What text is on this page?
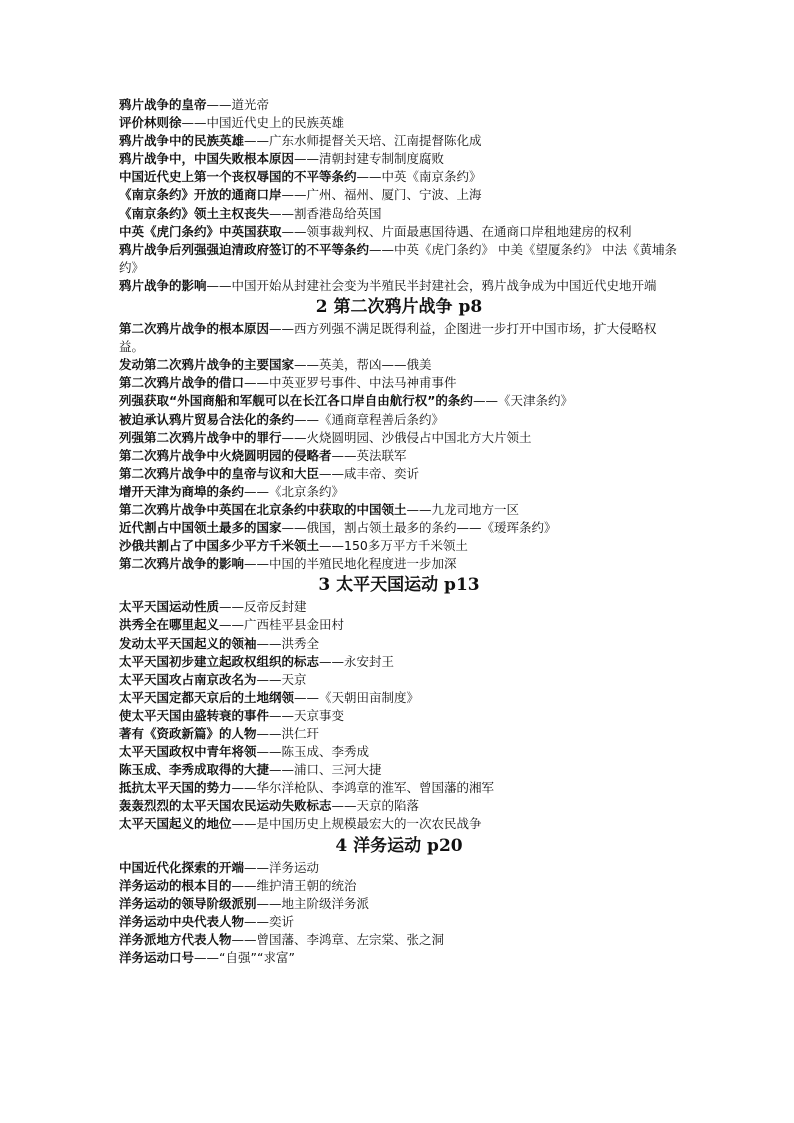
鸦片战争的皇帝——道光帝
评价林则徐——中国近代史上的民族英雄
鸦片战争中的民族英雄——广东水师提督关天培、江南提督陈化成
鸦片战争中，中国失败根本原因——清朝封建专制制度腐败
中国近代史上第一个丧权辱国的不平等条约——中英《南京条约》
《南京条约》开放的通商口岸——广州、福州、厦门、宁波、上海
《南京条约》领土主权丧失——割香港岛给英国
中英《虎门条约》中英国获取——领事裁判权、片面最惠国待遇、在通商口岸租地建房的权利
鸦片战争后列强强迫清政府签订的不平等条约——中英《虎门条约》 中美《望厦条约》 中法《黄埔条约》
鸦片战争的影响——中国开始从封建社会变为半殖民半封建社会，鸦片战争成为中国近代史地开端
2 第二次鸦片战争 p8
第二次鸦片战争的根本原因——西方列强不满足既得利益，企图进一步打开中国市场，扩大侵略权益。
发动第二次鸦片战争的主要国家——英美，帮凶——俄美
第二次鸦片战争的借口——中英亚罗号事件、中法马神甫事件
列强获取“外国商船和军舰可以在长江各口岸自由航行权”的条约——《天津条约》
被迫承认鸦片贸易合法化的条约——《通商章程善后条约》
列强第二次鸦片战争中的罪行——火烧圆明园、沙俄侵占中国北方大片领土
第二次鸦片战争中火烧圆明园的侵略者——英法联军
第二次鸦片战争中的皇帝与议和大臣——咸丰帝、奕䜣
增开天津为商埠的条约——《北京条约》
第二次鸦片战争中英国在北京条约中获取的中国领土——九龙司地方一区
近代割占中国领土最多的国家——俄国，割占领土最多的条约——《瑷珲条约》
沙俄共割占了中国多少平方千米领土——150多万平方千米领土
第二次鸦片战争的影响——中国的半殖民地化程度进一步加深
3 太平天国运动 p13
太平天国运动性质——反帝反封建
洪秀全在哪里起义——广西桂平县金田村
发动太平天国起义的领袖——洪秀全
太平天国初步建立起政权组织的标志——永安封王
太平天国攻占南京改名为——天京
太平天国定都天京后的土地纲领——《天朝田亩制度》
使太平天国由盛转衰的事件——天京事变
著有《资政新篇》的人物——洪仁玕
太平天国政权中青年将领——陈玉成、李秀成
陈玉成、李秀成取得的大捷——浦口、三河大捷
抵抗太平天国的势力——华尔洋枪队、李鸿章的淮军、曾国藩的湘军
轰轰烈烈的太平天国农民运动失败标志——天京的陷落
太平天国起义的地位——是中国历史上规模最宏大的一次农民战争
4 洋务运动 p20
中国近代化探索的开端——洋务运动
洋务运动的根本目的——维护清王朝的统治
洋务运动的领导阶级派别——地主阶级洋务派
洋务运动中央代表人物——奕䜣
洋务派地方代表人物——曾国藩、李鸿章、左宗棠、张之洞
洋务运动口号——“自强”“求富”
